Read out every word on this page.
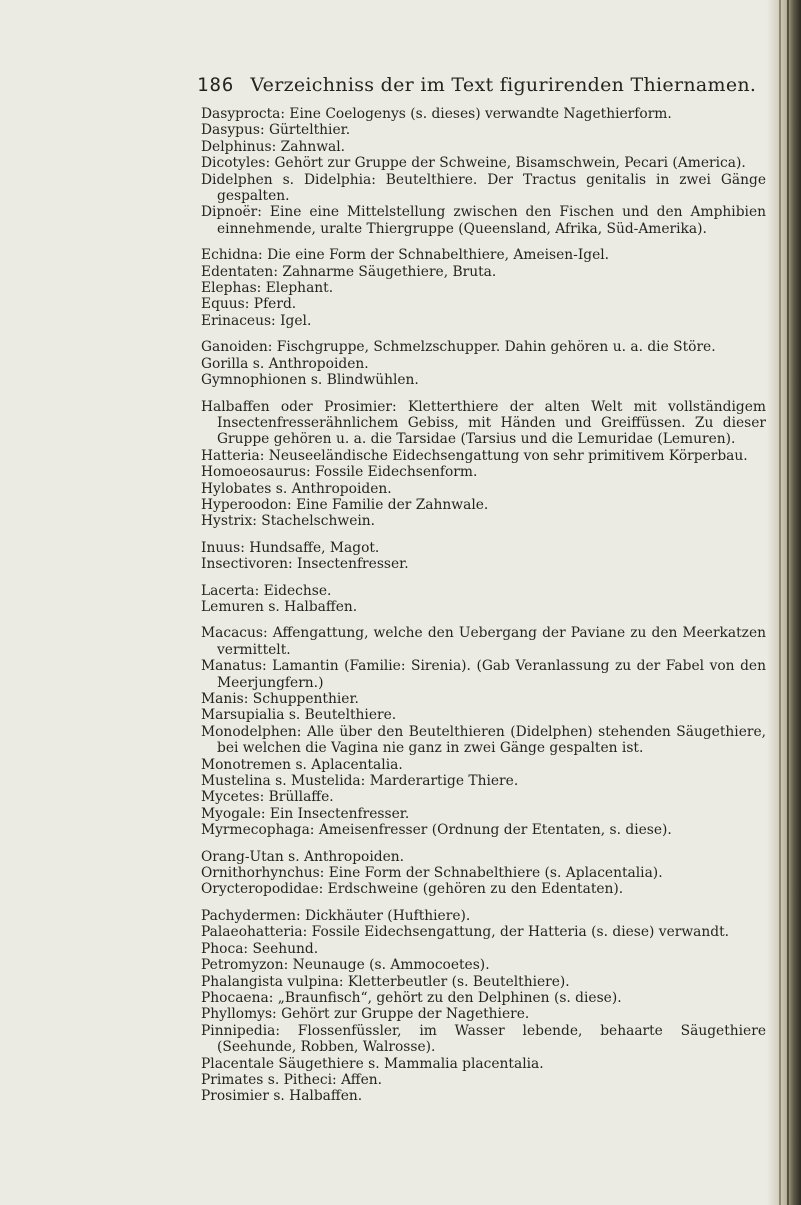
186 Verzeichniss der im Text figurirenden Thiernamen.
Dasyprocta: Eine Coelogenys (s. dieses) verwandte Nagethierform.
Dasypus: Gürtelthier.
Delphinus: Zahnwal.
Dicotyles: Gehört zur Gruppe der Schweine, Bisamschwein, Pecari (America).
Didelphen s. Didelphia: Beutelthiere. Der Tractus genitalis in zwei Gänge gespalten.
Dipnoër: Eine eine Mittelstellung zwischen den Fischen und den Amphibien einnehmende, uralte Thiergruppe (Queensland, Afrika, Süd-Amerika).
Echidna: Die eine Form der Schnabelthiere, Ameisen-Igel.
Edentaten: Zahnarme Säugethiere, Bruta.
Elephas: Elephant.
Equus: Pferd.
Erinaceus: Igel.
Ganoiden: Fischgruppe, Schmelzschupper. Dahin gehören u. a. die Störe.
Gorilla s. Anthropoiden.
Gymnophionen s. Blindwühlen.
Halbaffen oder Prosimier: Kletterthiere der alten Welt mit vollständigem Insectenfresserähnlichem Gebiss, mit Händen und Greiffüssen. Zu dieser Gruppe gehören u. a. die Tarsidae (Tarsius und die Lemuridae (Lemuren).
Hatteria: Neuseeländische Eidechsengattung von sehr primitivem Körperbau.
Homoeosaurus: Fossile Eidechsenform.
Hylobates s. Anthropoiden.
Hyperoodon: Eine Familie der Zahnwale.
Hystrix: Stachelschwein.
Inuus: Hundsaffe, Magot.
Insectivoren: Insectenfresser.
Lacerta: Eidechse.
Lemuren s. Halbaffen.
Macacus: Affengattung, welche den Uebergang der Paviane zu den Meerkatzen vermittelt.
Manatus: Lamantin (Familie: Sirenia). (Gab Veranlassung zu der Fabel von den Meerjungfern.)
Manis: Schuppenthier.
Marsupialia s. Beutelthiere.
Monodelphen: Alle über den Beutelthieren (Didelphen) stehenden Säugethiere, bei welchen die Vagina nie ganz in zwei Gänge gespalten ist.
Monotremen s. Aplacentalia.
Mustelina s. Mustelida: Marderartige Thiere.
Mycetes: Brüllaffe.
Myogale: Ein Insectenfresser.
Myrmecophaga: Ameisenfresser (Ordnung der Etentaten, s. diese).
Orang-Utan s. Anthropoiden.
Ornithorhynchus: Eine Form der Schnabelthiere (s. Aplacentalia).
Orycteropodidae: Erdschweine (gehören zu den Edentaten).
Pachydermen: Dickhäuter (Hufthiere).
Palaeohatteria: Fossile Eidechsengattung, der Hatteria (s. diese) verwandt.
Phoca: Seehund.
Petromyzon: Neunauge (s. Ammocoetes).
Phalangista vulpina: Kletterbeutler (s. Beutelthiere).
Phocaena: „Braunfisch“, gehört zu den Delphinen (s. diese).
Phyllomys: Gehört zur Gruppe der Nagethiere.
Pinnipedia: Flossenfüssler, im Wasser lebende, behaarte Säugethiere (Seehunde, Robben, Walrosse).
Placentale Säugethiere s. Mammalia placentalia.
Primates s. Pitheci: Affen.
Prosimier s. Halbaffen.
